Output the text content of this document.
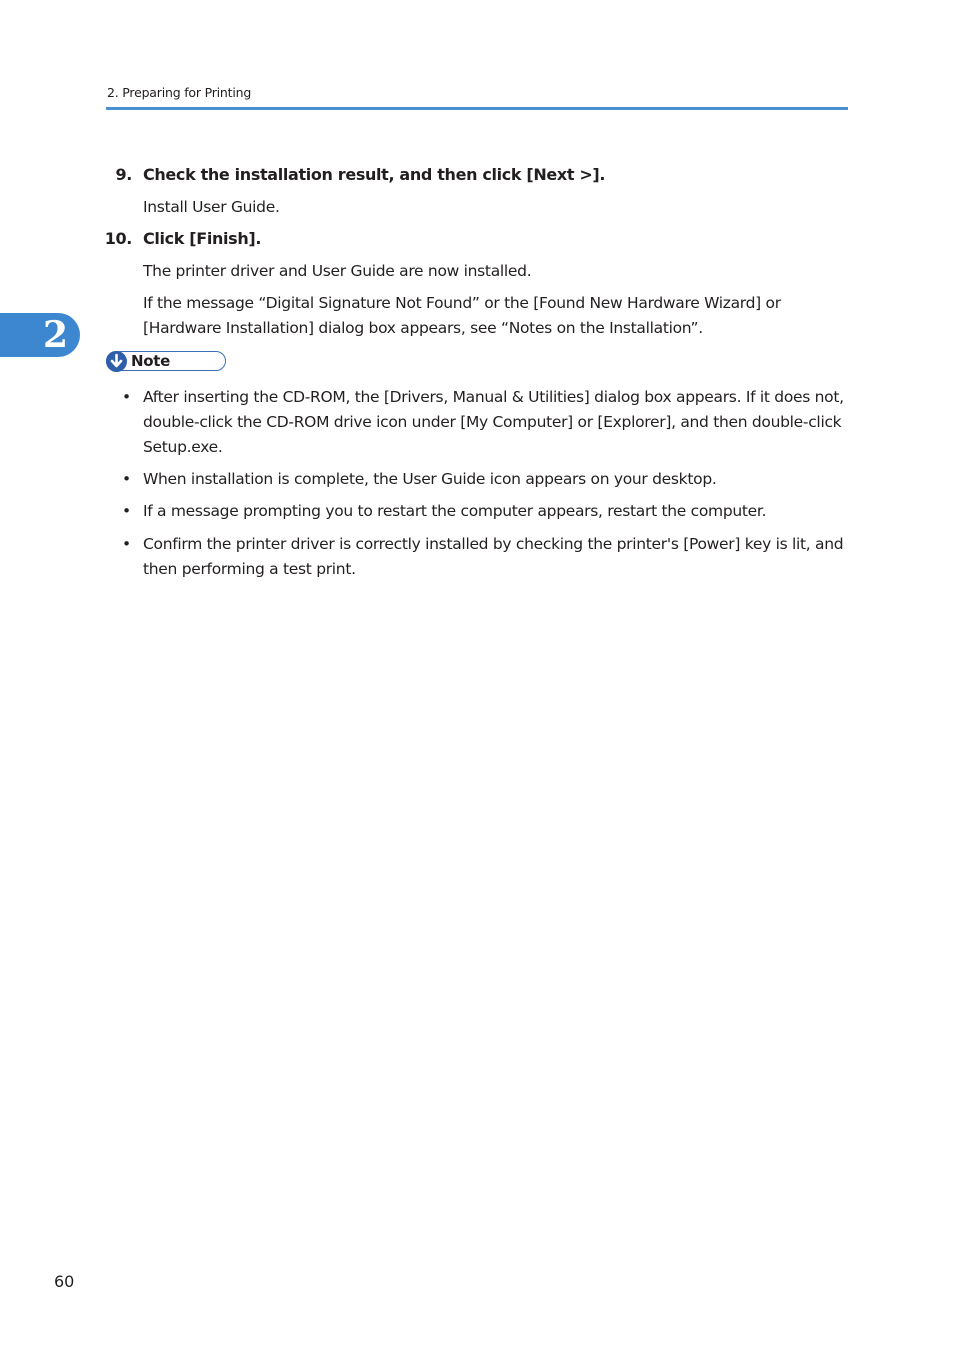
2. Preparing for Printing
2
9. Check the installation result, and then click [Next >].
Install User Guide.
10. Click [Finish].
The printer driver and User Guide are now installed.
If the message “Digital Signature Not Found” or the [Found New Hardware Wizard] or [Hardware Installation] dialog box appears, see “Notes on the Installation”.
Note
• After inserting the CD-ROM, the [Drivers, Manual & Utilities] dialog box appears. If it does not, double-click the CD-ROM drive icon under [My Computer] or [Explorer], and then double-click Setup.exe.
• When installation is complete, the User Guide icon appears on your desktop.
• If a message prompting you to restart the computer appears, restart the computer.
• Confirm the printer driver is correctly installed by checking the printer's [Power] key is lit, and then performing a test print.
60
